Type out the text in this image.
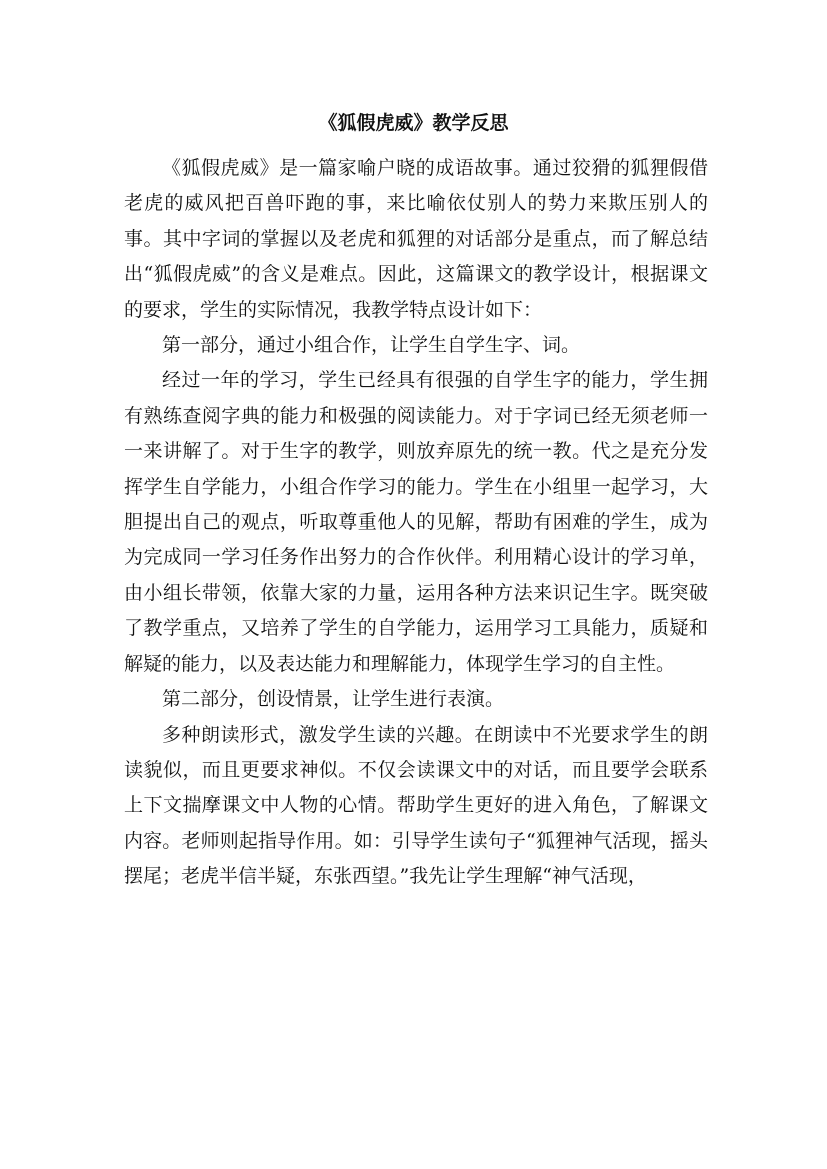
《狐假虎威》教学反思

《狐假虎威》是一篇家喻户晓的成语故事。通过狡猾的狐狸假借老虎的威风把百兽吓跑的事，来比喻依仗别人的势力来欺压别人的事。其中字词的掌握以及老虎和狐狸的对话部分是重点，而了解总结出“狐假虎威”的含义是难点。因此，这篇课文的教学设计，根据课文的要求，学生的实际情况，我教学特点设计如下：

第一部分，通过小组合作，让学生自学生字、词。

经过一年的学习，学生已经具有很强的自学生字的能力，学生拥有熟练查阅字典的能力和极强的阅读能力。对于字词已经无须老师一一来讲解了。对于生字的教学，则放弃原先的统一教。代之是充分发挥学生自学能力，小组合作学习的能力。学生在小组里一起学习，大胆提出自己的观点，听取尊重他人的见解，帮助有困难的学生，成为为完成同一学习任务作出努力的合作伙伴。利用精心设计的学习单，由小组长带领，依靠大家的力量，运用各种方法来识记生字。既突破了教学重点，又培养了学生的自学能力，运用学习工具能力，质疑和解疑的能力，以及表达能力和理解能力，体现学生学习的自主性。

第二部分，创设情景，让学生进行表演。

多种朗读形式，激发学生读的兴趣。在朗读中不光要求学生的朗读貌似，而且更要求神似。不仅会读课文中的对话，而且要学会联系上下文揣摩课文中人物的心情。帮助学生更好的进入角色，了解课文内容。老师则起指导作用。如：引导学生读句子“狐狸神气活现，摇头摆尾；老虎半信半疑，东张西望。”我先让学生理解“神气活现，
